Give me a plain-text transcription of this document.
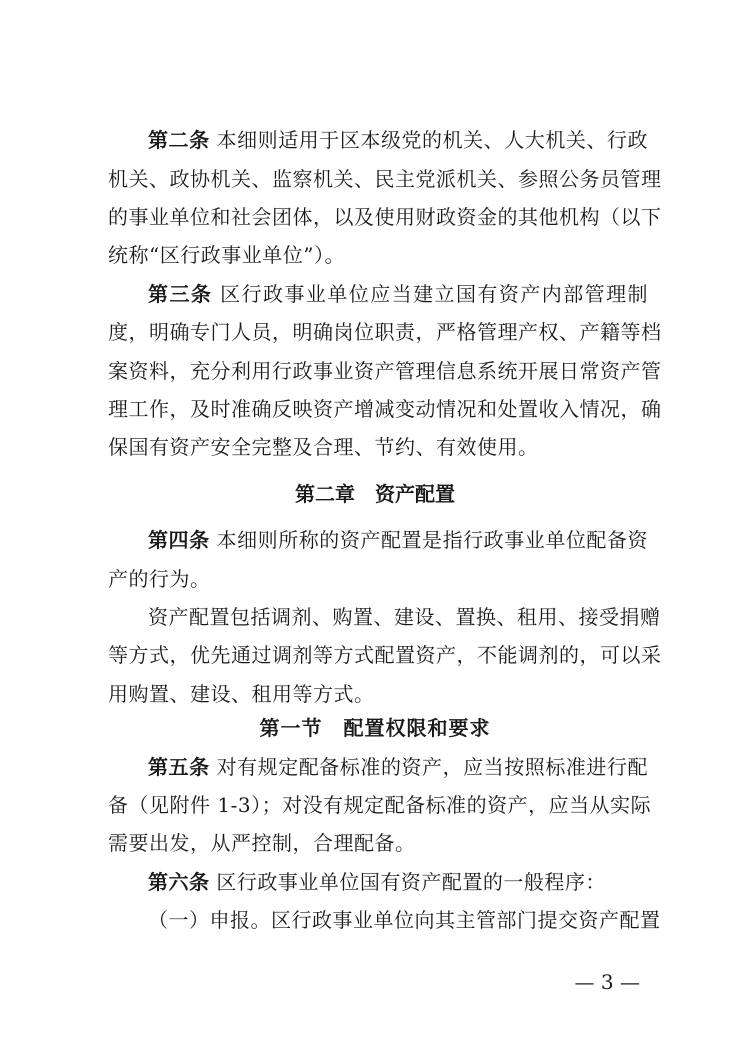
第二条 本细则适用于区本级党的机关、人大机关、行政
机关、政协机关、监察机关、民主党派机关、参照公务员管理
的事业单位和社会团体，以及使用财政资金的其他机构（以下
统称“区行政事业单位”）。
第三条 区行政事业单位应当建立国有资产内部管理制
度，明确专门人员，明确岗位职责，严格管理产权、产籍等档
案资料，充分利用行政事业资产管理信息系统开展日常资产管
理工作，及时准确反映资产增减变动情况和处置收入情况，确
保国有资产安全完整及合理、节约、有效使用。
第二章　资产配置
第四条 本细则所称的资产配置是指行政事业单位配备资
产的行为。
资产配置包括调剂、购置、建设、置换、租用、接受捐赠
等方式，优先通过调剂等方式配置资产，不能调剂的，可以采
用购置、建设、租用等方式。
第一节　配置权限和要求
第五条 对有规定配备标准的资产，应当按照标准进行配
备（见附件 1-3）；对没有规定配备标准的资产，应当从实际
需要出发，从严控制，合理配备。
第六条 区行政事业单位国有资产配置的一般程序：
（一）申报。区行政事业单位向其主管部门提交资产配置
— 3 —
